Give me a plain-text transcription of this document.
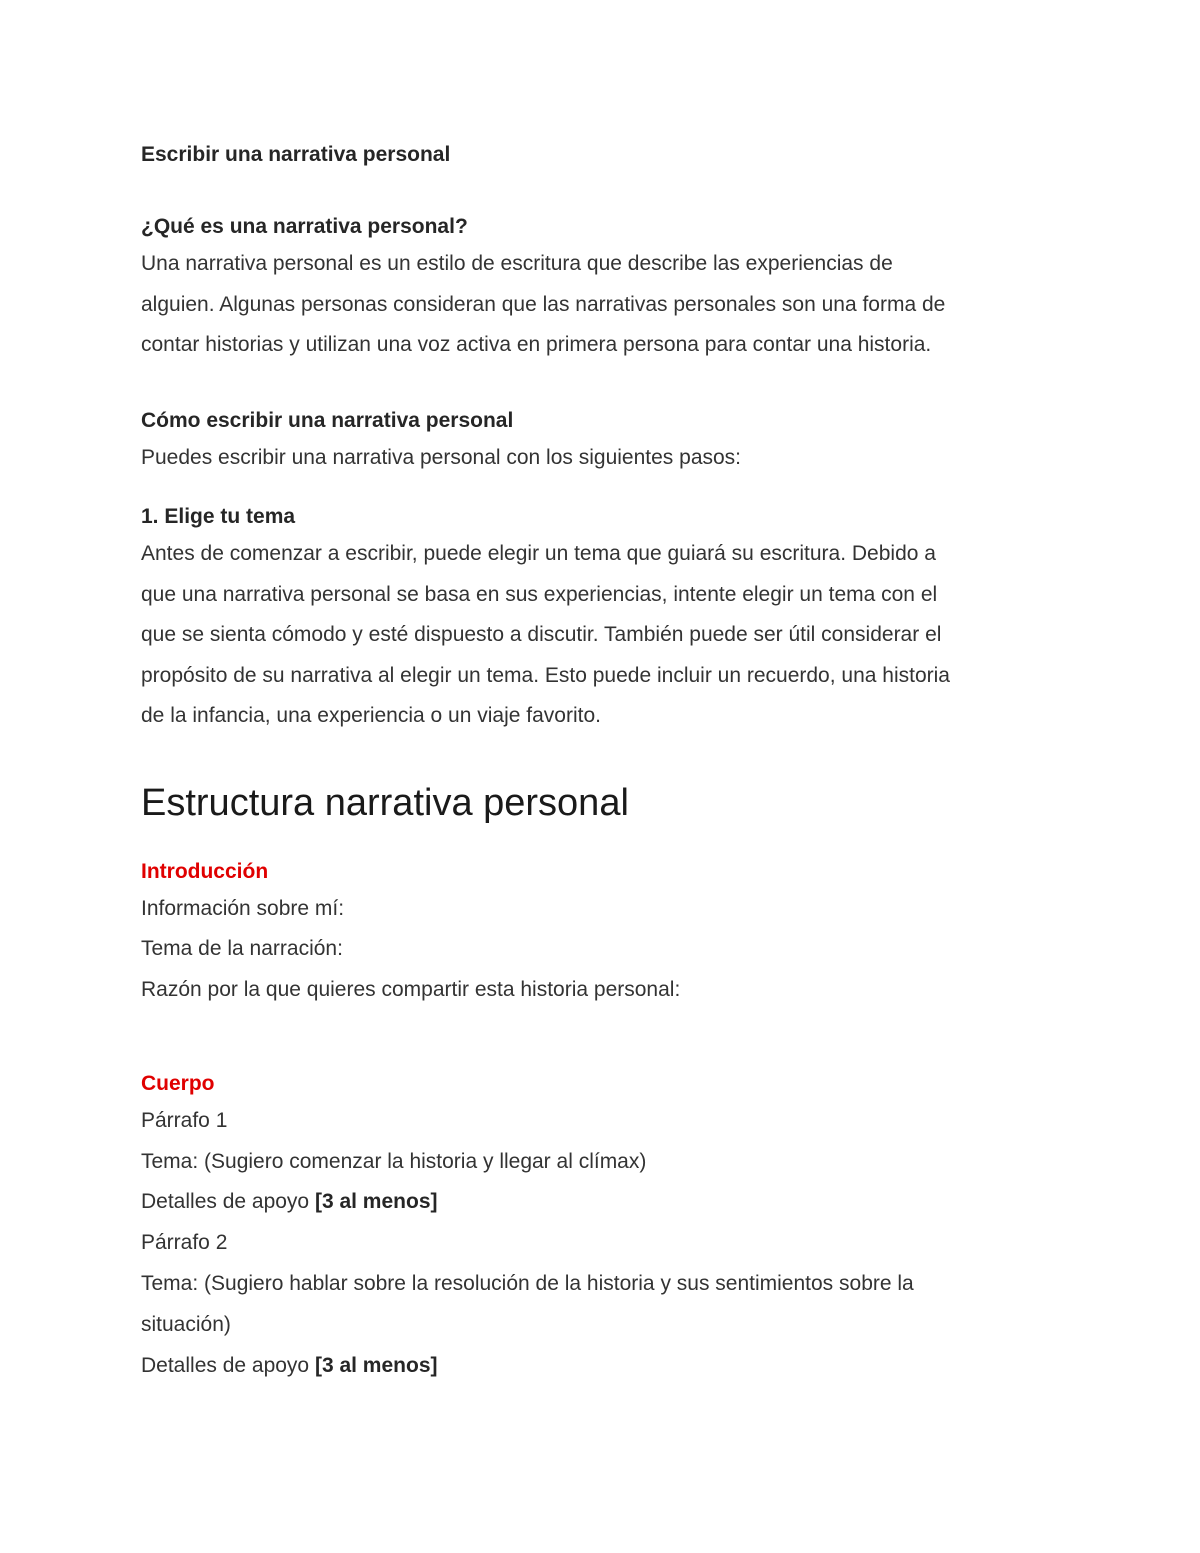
Escribir una narrativa personal

¿Qué es una narrativa personal?

Una narrativa personal es un estilo de escritura que describe las experiencias de

alguien. Algunas personas consideran que las narrativas personales son una forma de

contar historias y utilizan una voz activa en primera persona para contar una historia.

Cómo escribir una narrativa personal

Puedes escribir una narrativa personal con los siguientes pasos:

1. Elige tu tema

Antes de comenzar a escribir, puede elegir un tema que guiará su escritura. Debido a

que una narrativa personal se basa en sus experiencias, intente elegir un tema con el

que se sienta cómodo y esté dispuesto a discutir. También puede ser útil considerar el

propósito de su narrativa al elegir un tema. Esto puede incluir un recuerdo, una historia

de la infancia, una experiencia o un viaje favorito.

Estructura narrativa personal

Introducción

Información sobre mí:

Tema de la narración:

Razón por la que quieres compartir esta historia personal:

Cuerpo

Párrafo 1

Tema: (Sugiero comenzar la historia y llegar al clímax)

Detalles de apoyo [3 al menos]

Párrafo 2

Tema: (Sugiero hablar sobre la resolución de la historia y sus sentimientos sobre la

situación)

Detalles de apoyo [3 al menos]
